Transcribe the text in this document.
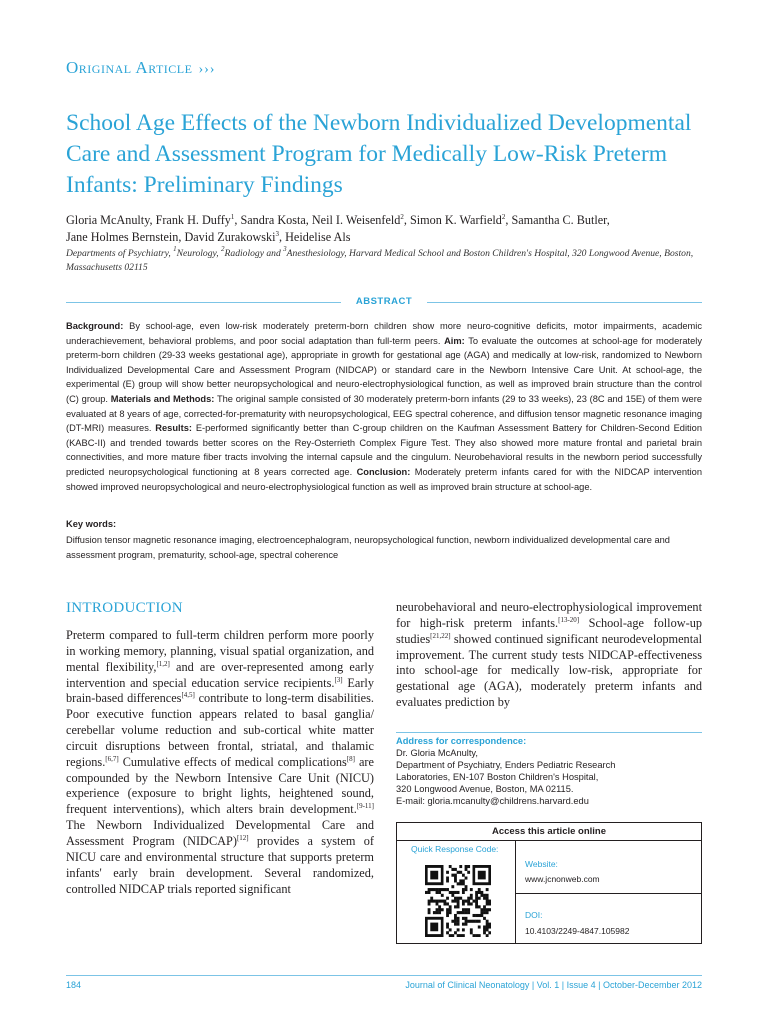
Original Article ›››
School Age Effects of the Newborn Individualized Developmental Care and Assessment Program for Medically Low-Risk Preterm Infants: Preliminary Findings
Gloria McAnulty, Frank H. Duffy$^1$, Sandra Kosta, Neil I. Weisenfeld$^2$, Simon K. Warfield$^2$, Samantha C. Butler,
Jane Holmes Bernstein, David Zurakowski$^3$, Heidelise Als
Departments of Psychiatry, $^1$Neurology, $^2$Radiology and $^3$Anesthesiology, Harvard Medical School and Boston Children's Hospital, 320 Longwood Avenue, Boston, Massachusetts 02115
ABSTRACT
Background: By school-age, even low-risk moderately preterm-born children show more neuro-cognitive deficits, motor impairments, academic underachievement, behavioral problems, and poor social adaptation than full-term peers. Aim: To evaluate the outcomes at school-age for moderately preterm-born children (29-33 weeks gestational age), appropriate in growth for gestational age (AGA) and medically at low-risk, randomized to Newborn Individualized Developmental Care and Assessment Program (NIDCAP) or standard care in the Newborn Intensive Care Unit. At school-age, the experimental (E) group will show better neuropsychological and neuro-electrophysiological function, as well as improved brain structure than the control (C) group. Materials and Methods: The original sample consisted of 30 moderately preterm-born infants (29 to 33 weeks), 23 (8C and 15E) of them were evaluated at 8 years of age, corrected-for-prematurity with neuropsychological, EEG spectral coherence, and diffusion tensor magnetic resonance imaging (DT-MRI) measures. Results: E-performed significantly better than C-group children on the Kaufman Assessment Battery for Children-Second Edition (KABC-II) and trended towards better scores on the Rey-Osterrieth Complex Figure Test. They also showed more mature frontal and parietal brain connectivities, and more mature fiber tracts involving the internal capsule and the cingulum. Neurobehavioral results in the newborn period successfully predicted neuropsychological functioning at 8 years corrected age. Conclusion: Moderately preterm infants cared for with the NIDCAP intervention showed improved neuropsychological and neuro-electrophysiological function as well as improved brain structure at school-age.
Key words:
Diffusion tensor magnetic resonance imaging, electroencephalogram, neuropsychological function, newborn individualized developmental care and assessment program, prematurity, school-age, spectral coherence
INTRODUCTION

Preterm compared to full-term children perform more poorly in working memory, planning, visual spatial organization, and mental flexibility,[1,2] and are over-represented among early intervention and special education service recipients.[3] Early brain-based differences[4,5] contribute to long-term disabilities. Poor executive function appears related to basal ganglia/ cerebellar volume reduction and sub-cortical white matter circuit disruptions between frontal, striatal, and thalamic regions.[6,7] Cumulative effects of medical complications[8] are compounded by the Newborn Intensive Care Unit (NICU) experience (exposure to bright lights, heightened sound, frequent interventions), which alters brain development.[9-11] The Newborn Individualized Developmental Care and Assessment Program (NIDCAP)[12] provides a system of NICU care and environmental structure that supports preterm infants' early brain development. Several randomized, controlled NIDCAP trials reported significant

neurobehavioral and neuro-electrophysiological improvement for high-risk preterm infants.[13-20] School-age follow-up studies[21,22] showed continued significant neurodevelopmental improvement. The current study tests NIDCAP-effectiveness into school-age for medically low-risk, appropriate for gestational age (AGA), moderately preterm infants and evaluates prediction by

Address for correspondence:
Dr. Gloria McAnulty,
Department of Psychiatry, Enders Pediatric Research
Laboratories, EN-107 Boston Children's Hospital,
320 Longwood Avenue, Boston, MA 02115.
E-mail: gloria.mcanulty@childrens.harvard.edu
Access this article online
Quick Response Code:
Website:
www.jcnonweb.com
DOI:
10.4103/2249-4847.105982
184	Journal of Clinical Neonatology | Vol. 1 | Issue 4 | October-December 2012
